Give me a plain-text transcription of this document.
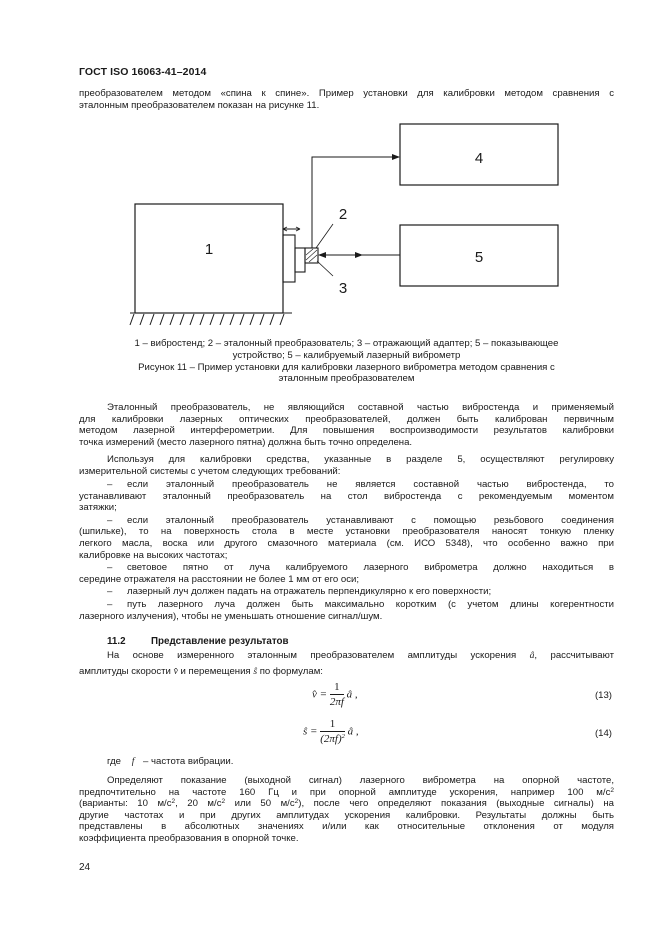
ГОСТ ISO 16063-41–2014
преобразователем методом «спина к спине». Пример установки для калибровки методом сравнения с
эталонным преобразователем показан на рисунке 11.
1
2
3
4
5
1 – вибростенд; 2 – эталонный преобразователь; 3 – отражающий адаптер; 5 – показывающее
устройство; 5 – калибруемый лазерный виброметр
Рисунок 11 – Пример установки для калибровки лазерного виброметра методом сравнения с
эталонным преобразователем
Эталонный преобразователь, не являющийся составной частью вибростенда и применяемый
для калибровки лазерных оптических преобразователей, должен быть калиброван первичным
методом лазерной интерферометрии. Для повышения воспроизводимости результатов калибровки
точка измерений (место лазерного пятна) должна быть точно определена.
Используя для калибровки средства, указанные в разделе 5, осуществляют регулировку
измерительной системы с учетом следующих требований:
– если эталонный преобразователь не является составной частью вибростенда, то
устанавливают эталонный преобразователь на стол вибростенда с рекомендуемым моментом
затяжки;
– если эталонный преобразователь устанавливают с помощью резьбового соединения
(шпильке), то на поверхность стола в месте установки преобразователя наносят тонкую пленку
легкого масла, воска или другого смазочного материала (см. ИСО 5348), что особенно важно при
калибровке на высоких частотах;
– световое пятно от луча калибруемого лазерного виброметра должно находиться в
середине отражателя на расстоянии не более 1 мм от его оси;
– лазерный луч должен падать на отражатель перпендикулярно к его поверхности;
– путь лазерного луча должен быть максимально коротким (с учетом длины когерентности
лазерного излучения), чтобы не уменьшать отношение сигнал/шум.
11.2	Представление результатов
На основе измеренного эталонным преобразователем амплитуды ускорения â, рассчитывают
амплитуды скорости v̂ и перемещения ŝ по формулам:
v̂ = $\frac{1}{2\pi f}$ â ,	(13)
ŝ = $\frac{1}{(2\pi f)^2}$ â ,	(14)
где f – частота вибрации.
Определяют показание (выходной сигнал) лазерного виброметра на опорной частоте,
предпочтительно на частоте 160 Гц и при опорной амплитуде ускорения, например 100 $м/с^2$
(варианты: 10 $м/с^2$, 20 $м/с^2$ или 50 $м/с^2$), после чего определяют показания (выходные сигналы) на
другие частотах и при других амплитудах ускорения калибровки. Результаты должны быть
представлены в абсолютных значениях и/или как относительные отклонения от модуля
коэффициента преобразования в опорной точке.
24
